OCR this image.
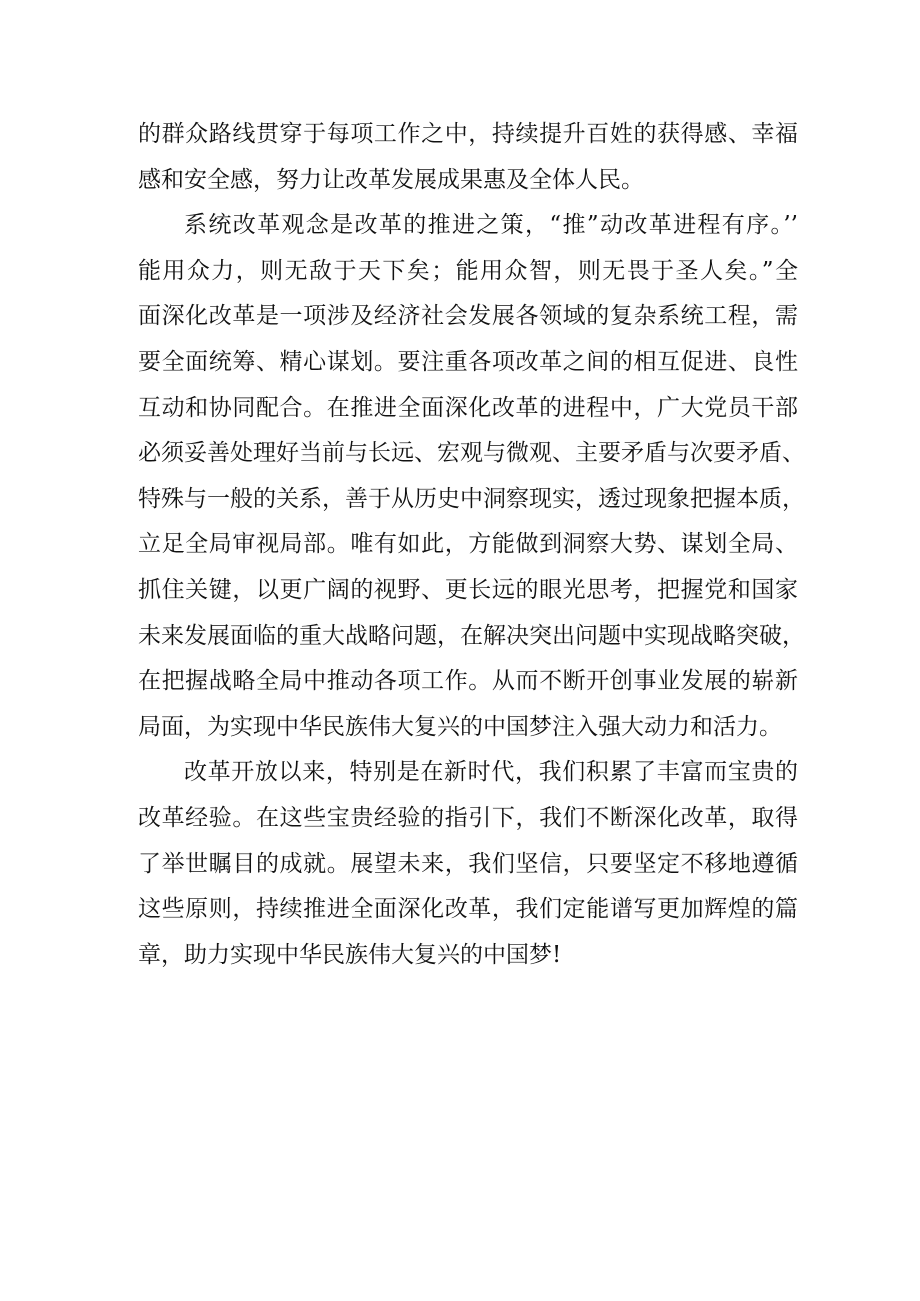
的群众路线贯穿于每项工作之中，持续提升百姓的获得感、幸福
感和安全感，努力让改革发展成果惠及全体人民。
系统改革观念是改革的推进之策，“推”动改革进程有序。’’
能用众力，则无敌于天下矣；能用众智，则无畏于圣人矣。”全
面深化改革是一项涉及经济社会发展各领域的复杂系统工程，需
要全面统筹、精心谋划。要注重各项改革之间的相互促进、良性
互动和协同配合。在推进全面深化改革的进程中，广大党员干部
必须妥善处理好当前与长远、宏观与微观、主要矛盾与次要矛盾、
特殊与一般的关系，善于从历史中洞察现实，透过现象把握本质，
立足全局审视局部。唯有如此，方能做到洞察大势、谋划全局、
抓住关键，以更广阔的视野、更长远的眼光思考，把握党和国家
未来发展面临的重大战略问题，在解决突出问题中实现战略突破，
在把握战略全局中推动各项工作。从而不断开创事业发展的崭新
局面，为实现中华民族伟大复兴的中国梦注入强大动力和活力。
改革开放以来，特别是在新时代，我们积累了丰富而宝贵的
改革经验。在这些宝贵经验的指引下，我们不断深化改革，取得
了举世瞩目的成就。展望未来，我们坚信，只要坚定不移地遵循
这些原则，持续推进全面深化改革，我们定能谱写更加辉煌的篇
章，助力实现中华民族伟大复兴的中国梦!
